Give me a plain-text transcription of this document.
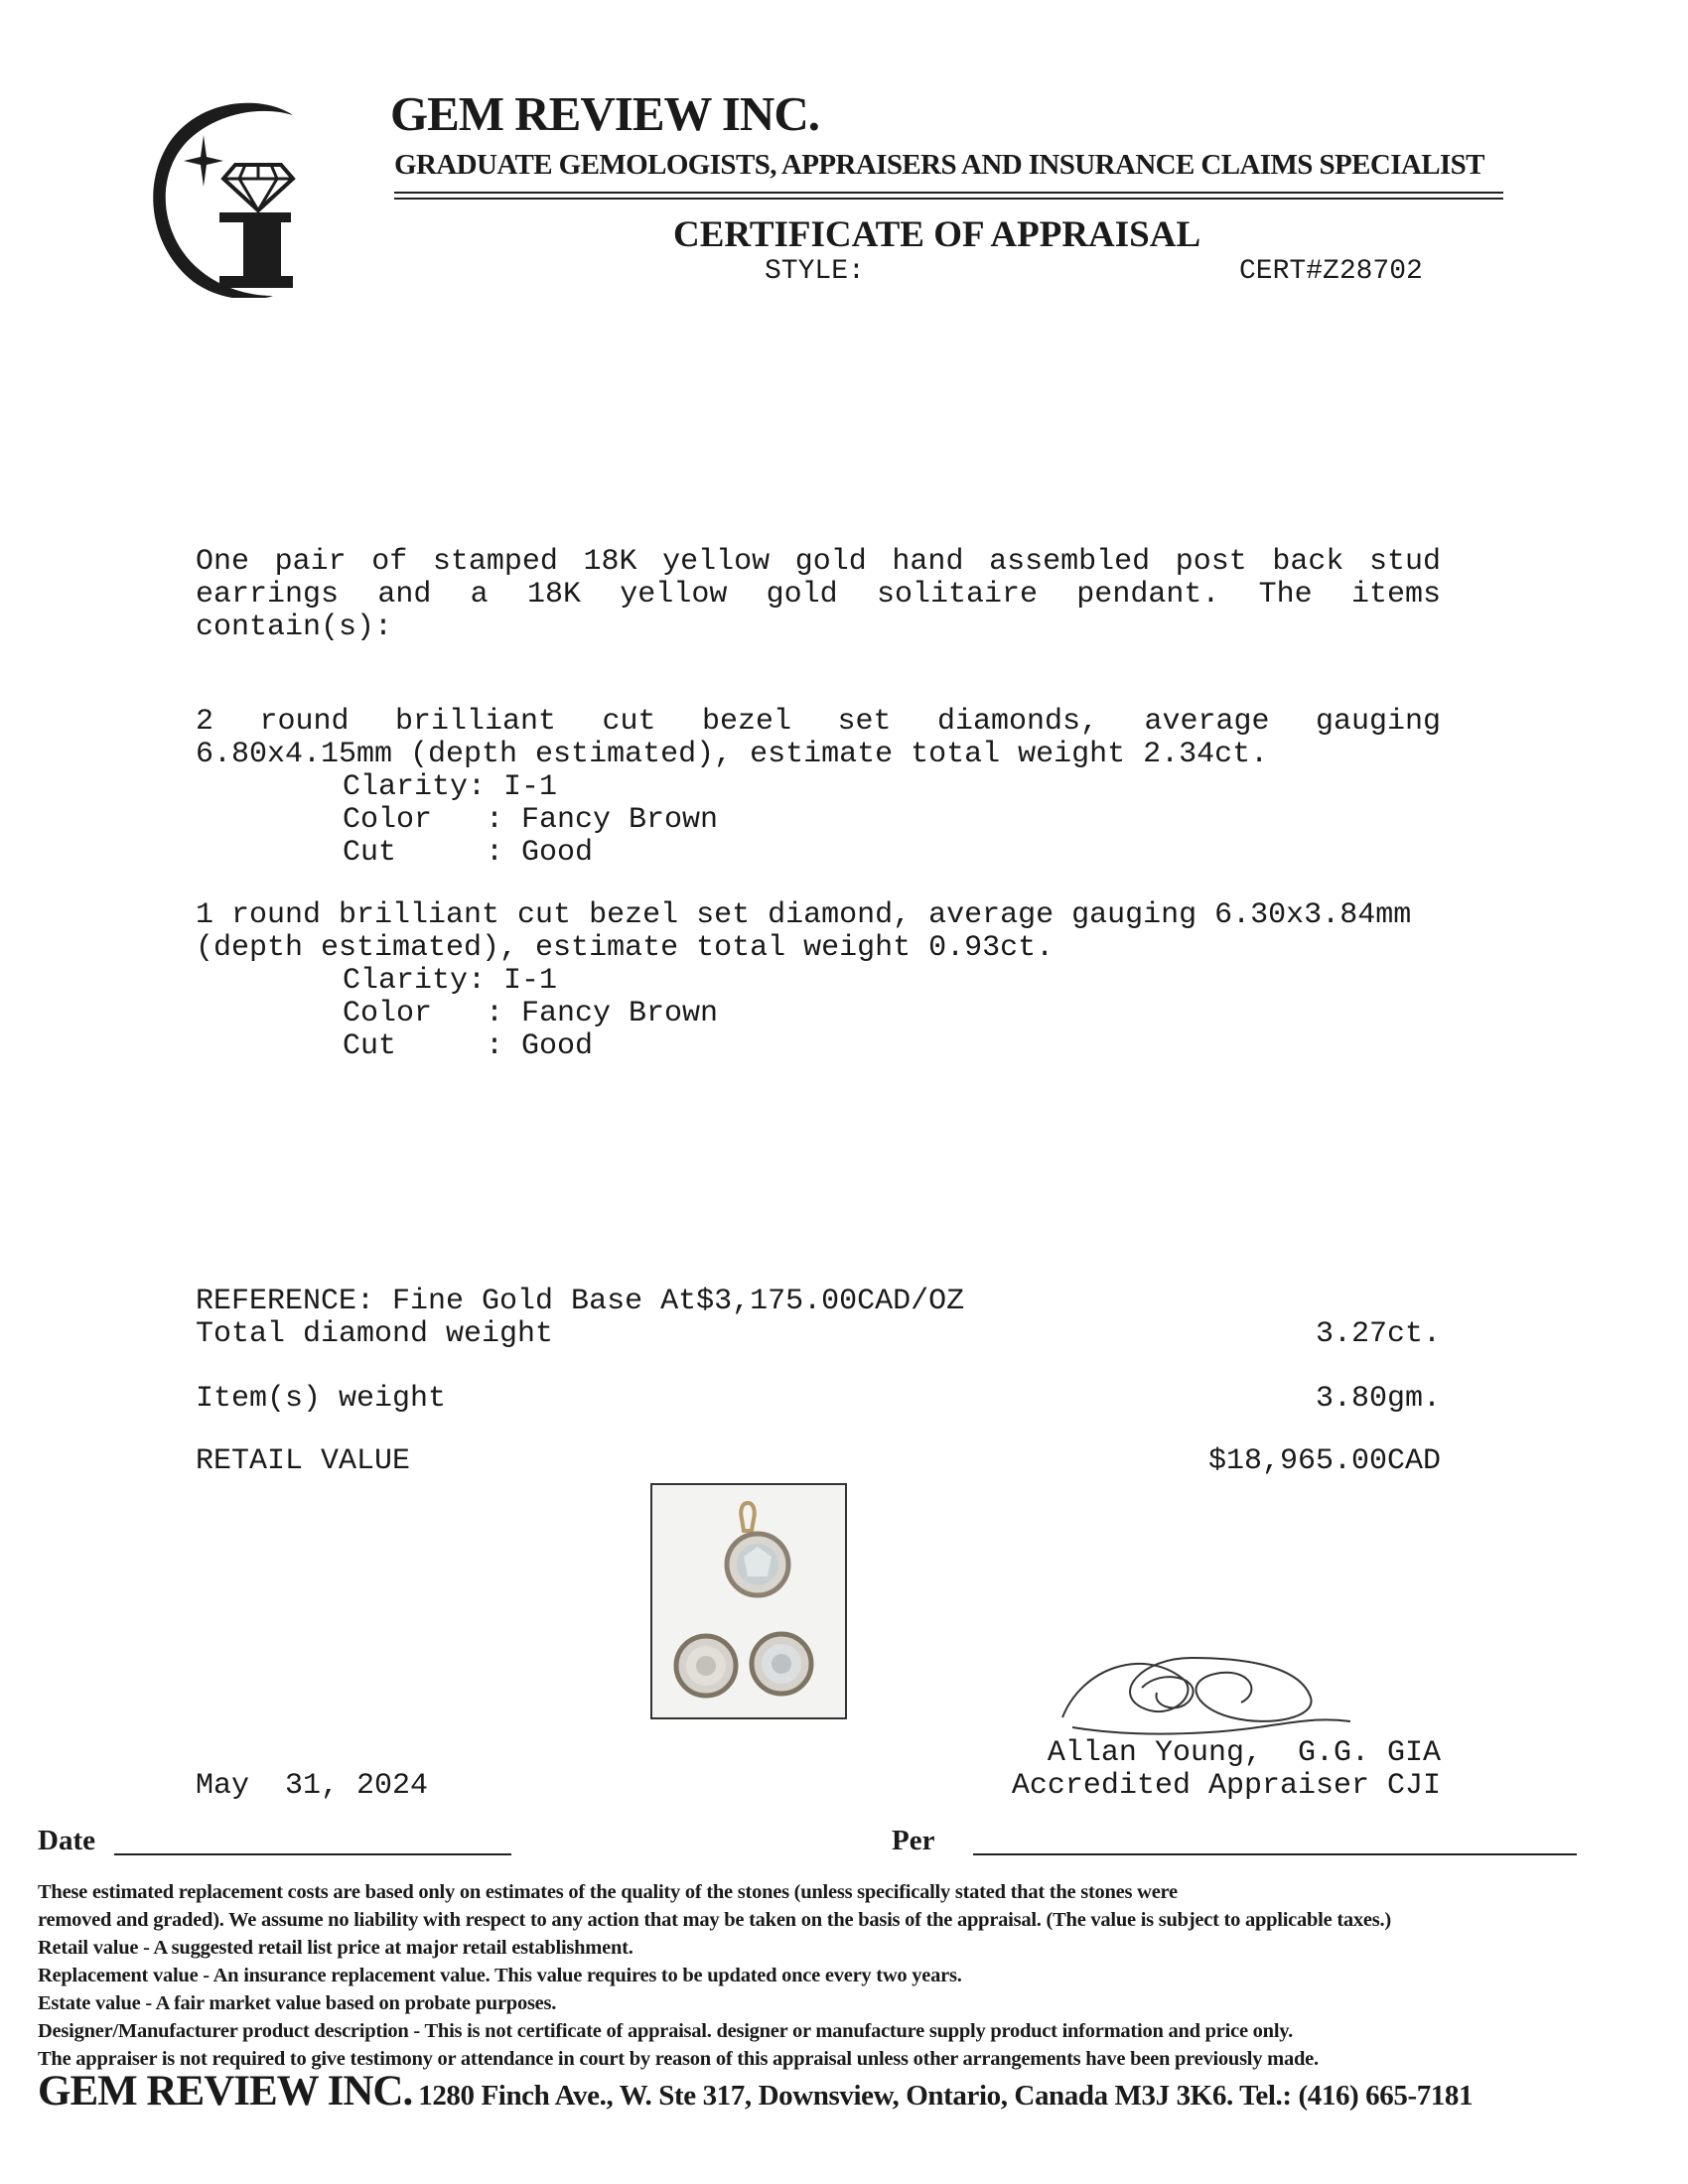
GEM REVIEW INC.
GRADUATE GEMOLOGISTS, APPRAISERS AND INSURANCE CLAIMS SPECIALIST
CERTIFICATE OF APPRAISAL
STYLE:	CERT#Z28702
One pair of stamped 18K yellow gold hand assembled post back stud
earrings and a 18K yellow gold solitaire pendant. The items
contain(s):
2 round brilliant cut bezel set diamonds, average gauging
6.80x4.15mm (depth estimated), estimate total weight 2.34ct.
Clarity: I-1
Color   : Fancy Brown
Cut     : Good
1 round brilliant cut bezel set diamond, average gauging 6.30x3.84mm
(depth estimated), estimate total weight 0.93ct.
Clarity: I-1
Color   : Fancy Brown
Cut     : Good
REFERENCE: Fine Gold Base At$3,175.00CAD/OZ
Total diamond weight	3.27ct.
Item(s) weight	3.80gm.
RETAIL VALUE	$18,965.00CAD
Allan Young,  G.G. GIA
Accredited Appraiser CJI
May  31, 2024
Date	Per
These estimated replacement costs are based only on estimates of the quality of the stones (unless specifically stated that the stones were
removed and graded). We assume no liability with respect to any action that may be taken on the basis of the appraisal. (The value is subject to applicable taxes.)
Retail value - A suggested retail list price at major retail establishment.
Replacement value - An insurance replacement value. This value requires to be updated once every two years.
Estate value - A fair market value based on probate purposes.
Designer/Manufacturer product description - This is not certificate of appraisal. designer or manufacture supply product information and price only.
The appraiser is not required to give testimony or attendance in court by reason of this appraisal unless other arrangements have been previously made.
GEM REVIEW INC. 1280 Finch Ave., W. Ste 317, Downsview, Ontario, Canada M3J 3K6. Tel.: (416) 665-7181
